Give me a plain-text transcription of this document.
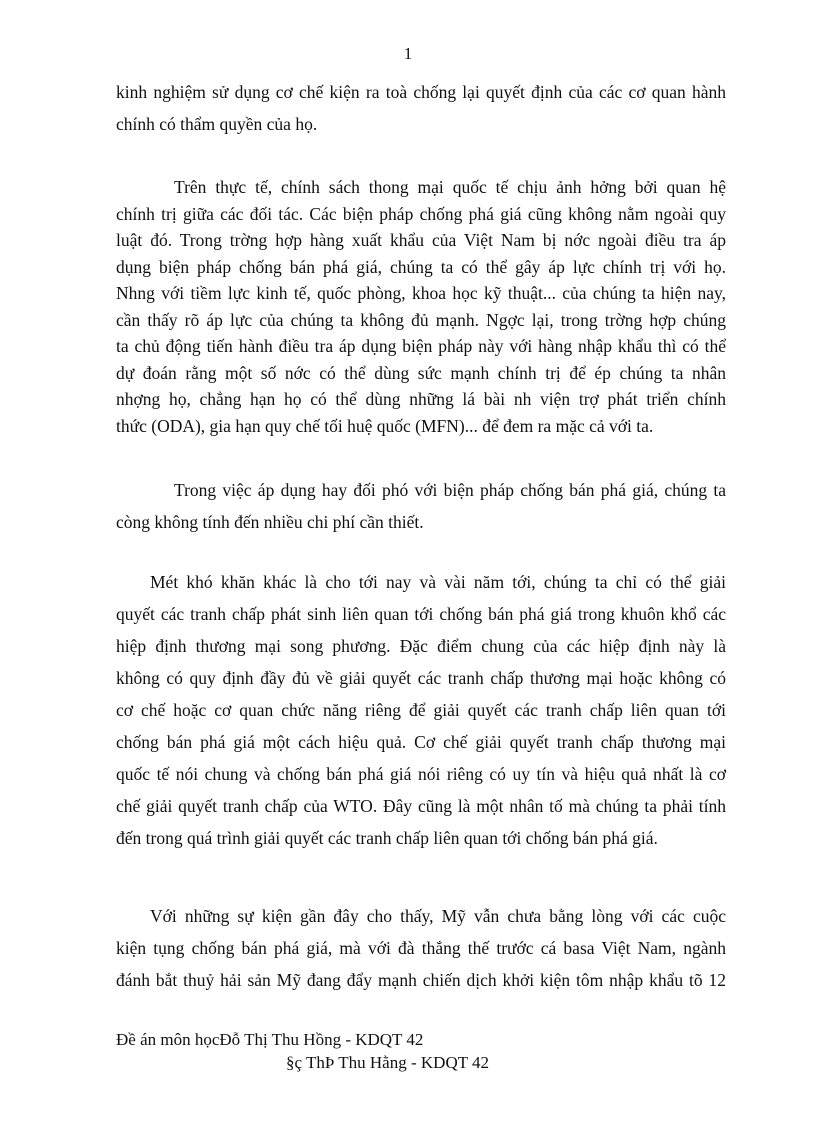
1

kinh nghiệm sử dụng cơ chế kiện ra toà chống lại quyết định của các cơ quan hành
chính có thẩm quyền của họ.

Trên thực tế, chính sách thong mại quốc tế chịu ảnh hởng bởi quan hệ
chính trị giữa các đối tác. Các biện pháp chống phá giá cũng không nằm ngoài quy
luật đó. Trong trờng hợp hàng xuất khẩu của Việt Nam bị nớc ngoài điều tra áp
dụng biện pháp chống bán phá giá, chúng ta có thể gây áp lực chính trị với họ.
Nhng với tiềm lực kinh tế, quốc phòng, khoa học kỹ thuật... của chúng ta hiện nay,
cần thấy rõ áp lực của chúng ta không đủ mạnh. Ngợc lại, trong trờng hợp chúng
ta chủ động tiến hành điều tra áp dụng biện pháp này với hàng nhập khẩu thì có thể
dự đoán rằng một số nớc có thể dùng sức mạnh chính trị để ép chúng ta nhân
nhợng họ, chẳng hạn họ có thể dùng những lá bài nh viện trợ phát triển chính
thức (ODA), gia hạn quy chế tối huệ quốc (MFN)... để đem ra mặc cả với ta.

Trong việc áp dụng hay đối phó với biện pháp chống bán phá giá, chúng ta
còng không tính đến nhiều chi phí cần thiết.

Mét khó khăn khác là cho tới nay và vài năm tới, chúng ta chỉ có thể giải
quyết các tranh chấp phát sinh liên quan tới chống bán phá giá trong khuôn khổ các
hiệp định thương mại song phương. Đặc điểm chung của các hiệp định này là
không có quy định đầy đủ về giải quyết các tranh chấp thương mại hoặc không có
cơ chế hoặc cơ quan chức năng riêng để giải quyết các tranh chấp liên quan tới
chống bán phá giá một cách hiệu quả. Cơ chế giải quyết tranh chấp thương mại
quốc tế nói chung và chống bán phá giá nói riêng có uy tín và hiệu quả nhất là cơ
chế giải quyết tranh chấp của WTO. Đây cũng là một nhân tố mà chúng ta phải tính
đến trong quá trình giải quyết các tranh chấp liên quan tới chống bán phá giá.

Với những sự kiện gần đây cho thấy, Mỹ vẫn chưa bằng lòng với các cuộc
kiện tụng chống bán phá giá, mà với đà thắng thế trước cá basa Việt Nam, ngành
đánh bắt thuỷ hải sản Mỹ đang đẩy mạnh chiến dịch khởi kiện tôm nhập khẩu tõ 12

Đề án môn họcĐỗ Thị Thu Hồng - KDQT 42
§ç ThÞ Thu Hằng - KDQT 42
